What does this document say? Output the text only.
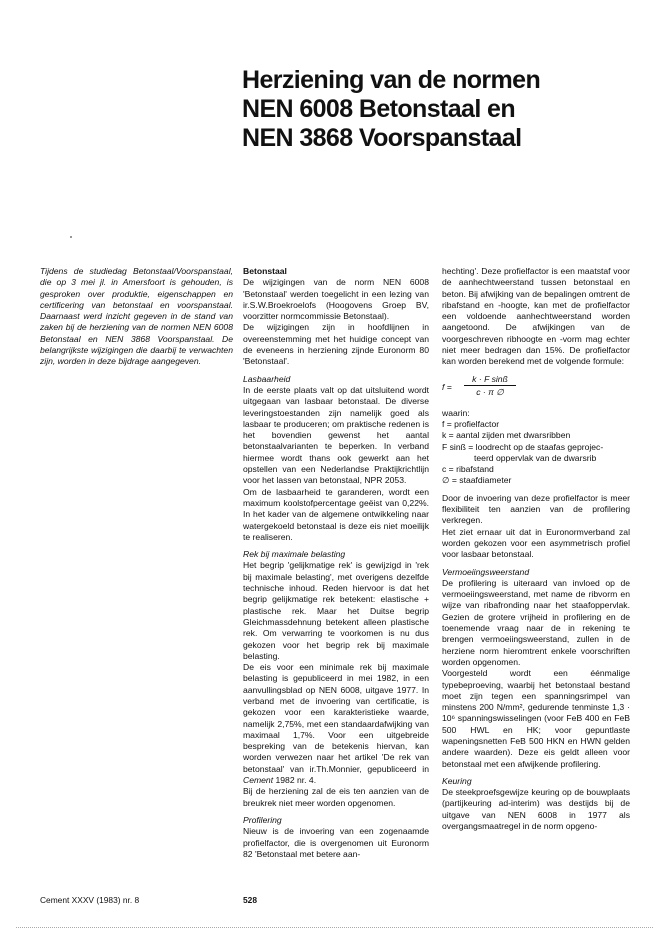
Herziening van de normen
NEN 6008 Betonstaal en
NEN 3868 Voorspanstaal
Tijdens de studiedag Betonstaal/Voorspanstaal, die op 3 mei jl. in Amersfoort is gehouden, is gesproken over produktie, eigenschappen en certificering van betonstaal en voorspanstaal. Daarnaast werd inzicht gegeven in de stand van zaken bij de herziening van de normen NEN 6008 Betonstaal en NEN 3868 Voorspanstaal. De belangrijkste wijzigingen die daarbij te verwachten zijn, worden in deze bijdrage aangegeven.
Betonstaal

De wijzigingen van de norm NEN 6008 'Betonstaal' werden toegelicht in een lezing van ir.S.W.Broekroelofs (Hoogovens Groep BV, voorzitter normcommissie Betonstaal).

De wijzigingen zijn in hoofdlijnen in overeenstemming met het huidige concept van de eveneens in herziening zijnde Euronorm 80 'Betonstaal'.

Lasbaarheid

In de eerste plaats valt op dat uitsluitend wordt uitgegaan van lasbaar betonstaal. De diverse leveringstoestanden zijn namelijk goed als lasbaar te produceren; om praktische redenen is het bovendien gewenst het aantal betonstaalvarianten te beperken. In verband hiermee wordt thans ook gewerkt aan het opstellen van een Nederlandse Praktijkrichtlijn voor het lassen van betonstaal, NPR 2053.

Om de lasbaarheid te garanderen, wordt een maximum koolstofpercentage geëist van 0,22%. In het kader van de algemene ontwikkeling naar watergekoeld betonstaal is deze eis niet moeilijk te realiseren.

Rek bij maximale belasting

Het begrip 'gelijkmatige rek' is gewijzigd in 'rek bij maximale belasting', met overigens dezelfde technische inhoud. Reden hiervoor is dat het begrip gelijkmatige rek betekent: elastische + plastische rek. Maar het Duitse begrip Gleichmassdehnung betekent alleen plastische rek. Om verwarring te voorkomen is nu dus gekozen voor het begrip rek bij maximale belasting.

De eis voor een minimale rek bij maximale belasting is gepubliceerd in mei 1982, in een aanvullingsblad op NEN 6008, uitgave 1977. In verband met de invoering van certificatie, is gekozen voor een karakteristieke waarde, namelijk 2,75%, met een standaardafwijking van maximaal 1,7%. Voor een uitgebreide bespreking van de betekenis hiervan, kan worden verwezen naar het artikel 'De rek van betonstaal' van ir.Th.Monnier, gepubliceerd in Cement 1982 nr. 4.

Bij de herziening zal de eis ten aanzien van de breukrek niet meer worden opgenomen.

Profilering

Nieuw is de invoering van een zogenaamde profielfactor, die is overgenomen uit Euronorm 82 'Betonstaal met betere aan-

hechting'. Deze profielfactor is een maatstaf voor de aanhechtweerstand tussen betonstaal en beton. Bij afwijking van de bepalingen omtrent de ribafstand en -hoogte, kan met de profielfactor een voldoende aanhechtweerstand worden aangetoond. De afwijkingen van de voorgeschreven ribhoogte en -vorm mag echter niet meer bedragen dan 15%. De profielfactor kan worden berekend met de volgende formule:

f =
k · F sinß
c · π ∅
waarin:
f = profielfactor
k = aantal zijden met dwarsribben
F sinß = loodrecht op de staafas geprojec-
teerd oppervlak van de dwarsrib
c = ribafstand
∅ = staafdiameter

Door de invoering van deze profielfactor is meer flexibiliteit ten aanzien van de profilering verkregen.

Het ziet ernaar uit dat in Euronormverband zal worden gekozen voor een asymmetrisch profiel voor lasbaar betonstaal.

Vermoeiingsweerstand

De profilering is uiteraard van invloed op de vermoeiingsweerstand, met name de ribvorm en wijze van ribafronding naar het staafoppervlak. Gezien de grotere vrijheid in profilering en de toenemende vraag naar de in rekening te brengen vermoeiingsweerstand, zullen in de herziene norm hieromtrent enkele voorschriften worden opgenomen.

Voorgesteld wordt een éénmalige typebeproeving, waarbij het betonstaal bestand moet zijn tegen een spanningsrimpel van minstens 200 N/mm², gedurende tenminste 1,3 · 10⁶ spanningswisselingen (voor FeB 400 en FeB 500 HWL en HK; voor gepuntlaste wapeningsnetten FeB 500 HKN en HWN gelden andere waarden). Deze eis geldt alleen voor betonstaal met een afwijkende profilering.

Keuring

De steekproefsgewijze keuring op de bouwplaats (partijkeuring ad-interim) was destijds bij de uitgave van NEN 6008 in 1977 als overgangsmaatregel in de norm opgeno-

Cement XXXV (1983) nr. 8	528
